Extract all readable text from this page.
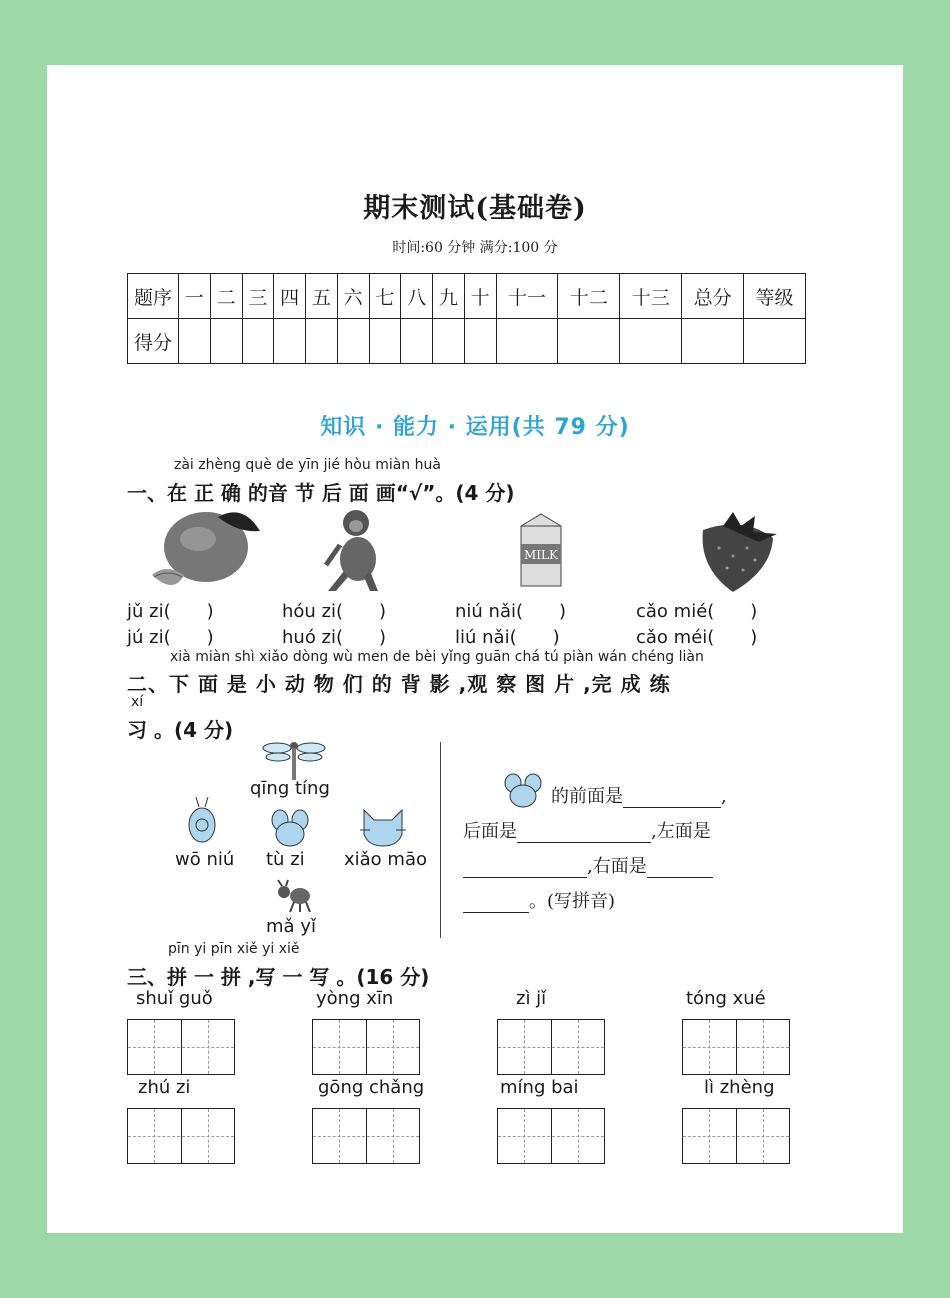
期末测试(基础卷)
时间:60 分钟 满分:100 分
题序	一	二	三	四	五	六	七	八	九	十	十一	十二	十三	总分	等级
得分															
知识 · 能力 · 运用(共 79 分)
zài zhèng què de yīn jié hòu miàn huà
一、在 正 确 的音 节 后 面 画“√”。(4 分)
MILK
jǔ zi(　　)	hóu zi(　　)	niú nǎi(　　)	cǎo mié(　　)
jú zi(　　)	huó zi(　　)	liú nǎi(　　)	cǎo méi(　　)
xià miàn shì xiǎo dòng wù men de bèi yǐng guān chá tú piàn wán chéng liàn
二、下 面 是 小 动 物 们 的 背 影 ,观 察 图 片 ,完 成 练
xí
习 。(4 分)
qīng tíng
wō niú tù zi xiǎo māo
mǎ yǐ
的前面是	,
后面是	,左面是
,右面是
。(写拼音)
pīn yi pīn xiě yi xiě
三、拼 一 拼 ,写 一 写 。(16 分)
shuǐ guǒ	yòng xīn	zì jǐ	tóng xué
zhú zi	gōng chǎng	míng bai	lì zhèng
